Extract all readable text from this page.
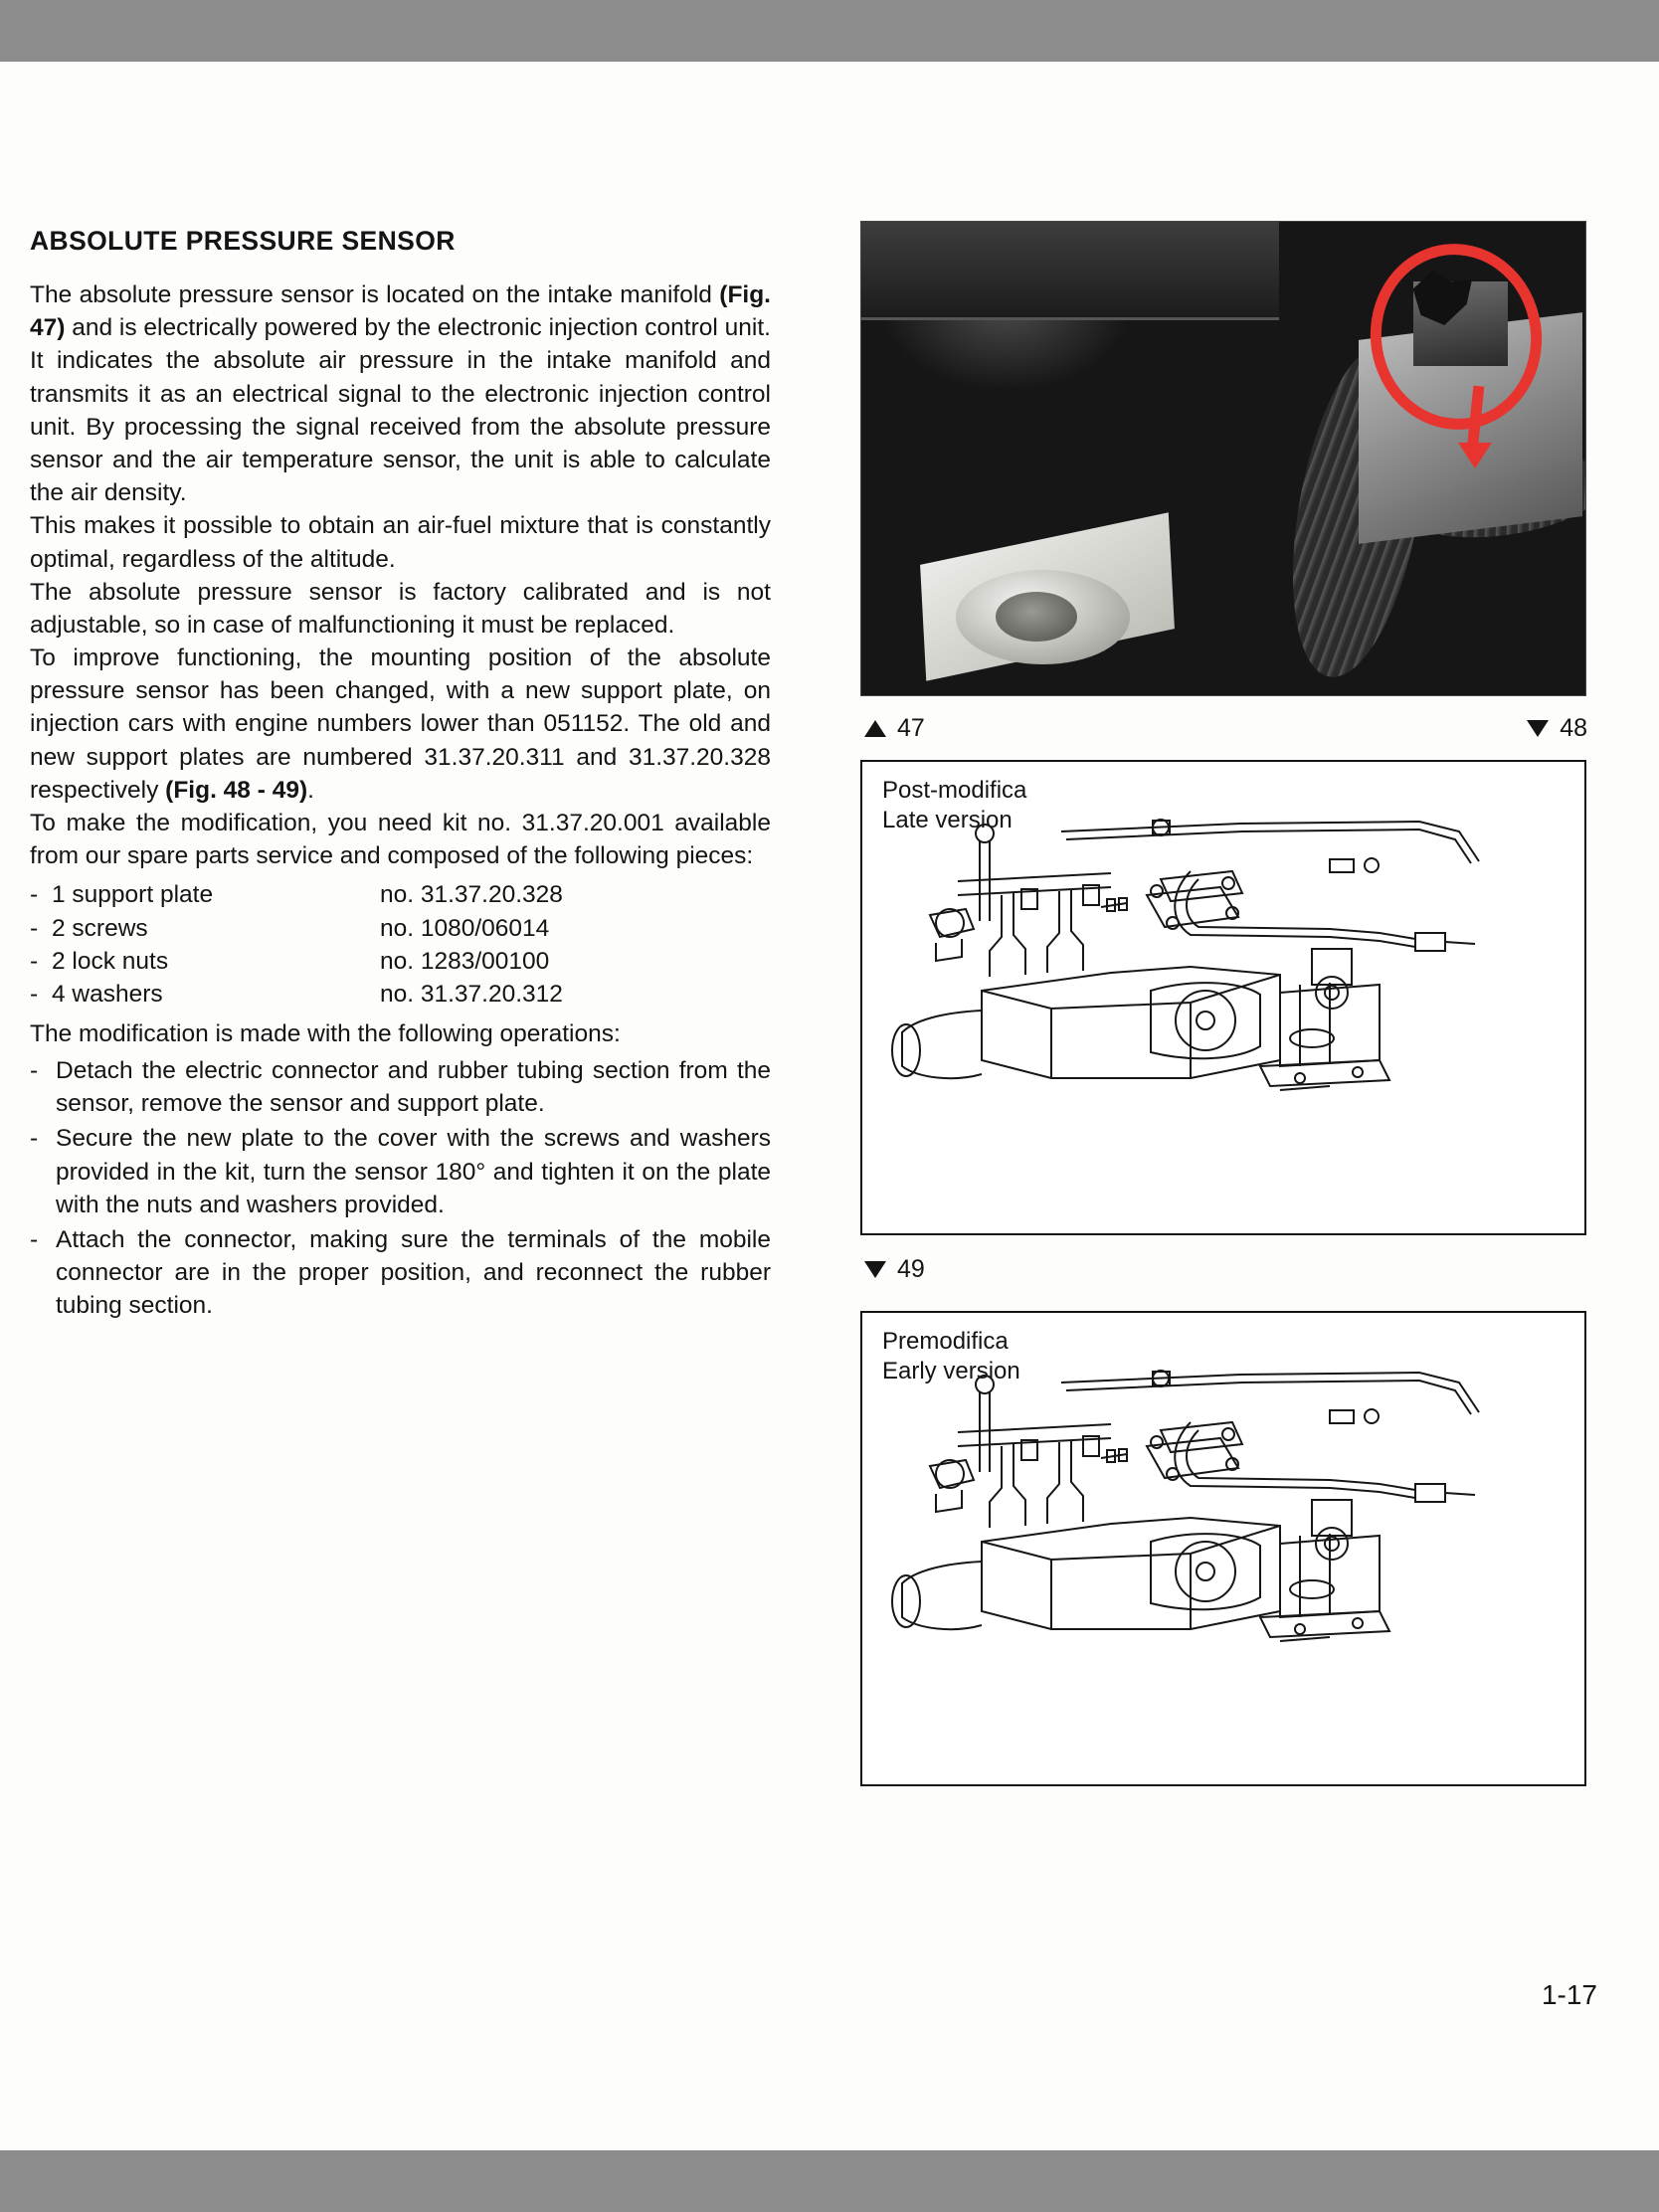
ABSOLUTE PRESSURE SENSOR

The absolute pressure sensor is located on the intake manifold (Fig. 47) and is electrically powered by the electronic injection control unit.

It indicates the absolute air pressure in the intake manifold and transmits it as an electrical signal to the electronic injection control unit. By processing the signal received from the absolute pressure sensor and the air temperature sensor, the unit is able to calculate the air density.

This makes it possible to obtain an air-fuel mixture that is constantly optimal, regardless of the altitude.

The absolute pressure sensor is factory calibrated and is not adjustable, so in case of malfunctioning it must be replaced.

To improve functioning, the mounting position of the absolute pressure sensor has been changed, with a new support plate, on injection cars with engine numbers lower than 051152. The old and new support plates are numbered 31.37.20.311 and 31.37.20.328 respectively (Fig. 48 - 49).

To make the modification, you need kit no. 31.37.20.001 available from our spare parts service and composed of the following pieces:

- 1 support plate	no. 31.37.20.328
- 2 screws	no. 1080/06014
- 2 lock nuts	no. 1283/00100
- 4 washers	no. 31.37.20.312
The modification is made with the following operations:
- Detach the electric connector and rubber tubing section from the sensor, remove the sensor and support plate.
- Secure the new plate to the cover with the screws and washers provided in the kit, turn the sensor 180° and tighten it on the plate with the nuts and washers provided.
- Attach the connector, making sure the terminals of the mobile connector are in the proper position, and reconnect the rubber tubing section.
47	48
Post-modifica
Late version
49
Premodifica
Early version
1-17
